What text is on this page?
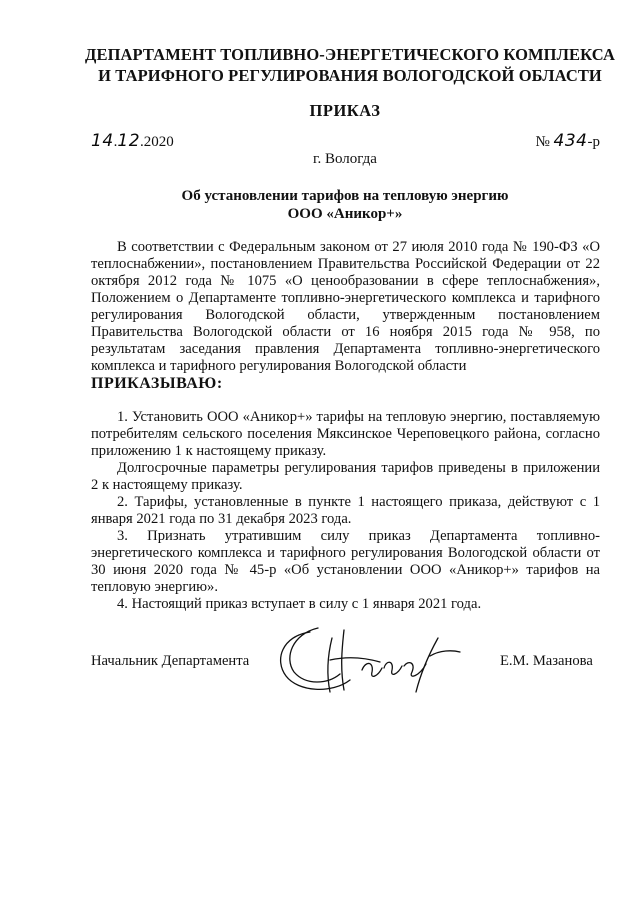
ДЕПАРТАМЕНТ ТОПЛИВНО-ЭНЕРГЕТИЧЕСКОГО КОМПЛЕКСА
И ТАРИФНОГО РЕГУЛИРОВАНИЯ ВОЛОГОДСКОЙ ОБЛАСТИ
ПРИКАЗ
14.12.2020	№ 434-р
г. Вологда
Об установлении тарифов на тепловую энергию
ООО «Аникор+»

В соответствии с Федеральным законом от 27 июля 2010 года № 190-ФЗ «О теплоснабжении», постановлением Правительства Российской Федерации от 22 октября 2012 года № 1075 «О ценообразовании в сфере теплоснабжения», Положением о Департаменте топливно-энергетического комплекса и тарифного регулирования Вологодской области, утвержденным постановлением Правительства Вологодской области от 16 ноября 2015 года № 958, по результатам заседания правления Департамента топливно-энергетического комплекса и тарифного регулирования Вологодской области

ПРИКАЗЫВАЮ:

1. Установить ООО «Аникор+» тарифы на тепловую энергию, поставляемую потребителям сельского поселения Мяксинское Череповецкого района, согласно приложению 1 к настоящему приказу.

Долгосрочные параметры регулирования тарифов приведены в приложении 2 к настоящему приказу.

2. Тарифы, установленные в пункте 1 настоящего приказа, действуют с 1 января 2021 года по 31 декабря 2023 года.

3. Признать утратившим силу приказ Департамента топливно-энергетического комплекса и тарифного регулирования Вологодской области от 30 июня 2020 года № 45-р «Об установлении ООО «Аникор+» тарифов на тепловую энергию».

4. Настоящий приказ вступает в силу с 1 января 2021 года.

Начальник Департамента	Е.М. Мазанова
